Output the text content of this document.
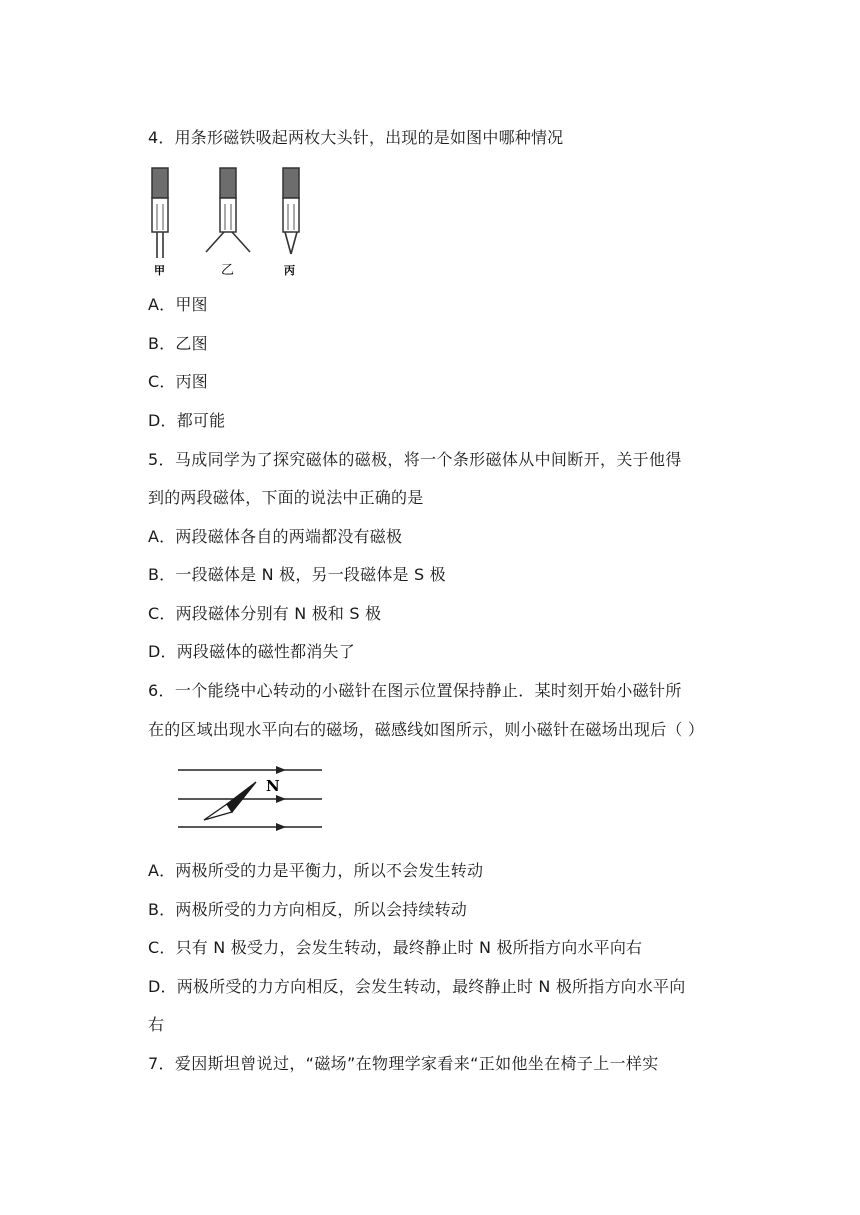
4．用条形磁铁吸起两枚大头针，出现的是如图中哪种情况
甲	乙	丙
A．甲图
B．乙图
C．丙图
D．都可能
5．马成同学为了探究磁体的磁极，将一个条形磁体从中间断开，关于他得
到的两段磁体，下面的说法中正确的是
A．两段磁体各自的两端都没有磁极
B．一段磁体是 N 极，另一段磁体是 S 极
C．两段磁体分别有 N 极和 S 极
D．两段磁体的磁性都消失了
6．一个能绕中心转动的小磁针在图示位置保持静止．某时刻开始小磁针所
在的区域出现水平向右的磁场，磁感线如图所示，则小磁针在磁场出现后（ ）
N
A．两极所受的力是平衡力，所以不会发生转动
B．两极所受的力方向相反，所以会持续转动
C．只有 N 极受力，会发生转动，最终静止时 N 极所指方向水平向右
D．两极所受的力方向相反，会发生转动，最终静止时 N 极所指方向水平向
右
7．爱因斯坦曾说过，“磁场”在物理学家看来“正如他坐在椅子上一样实
